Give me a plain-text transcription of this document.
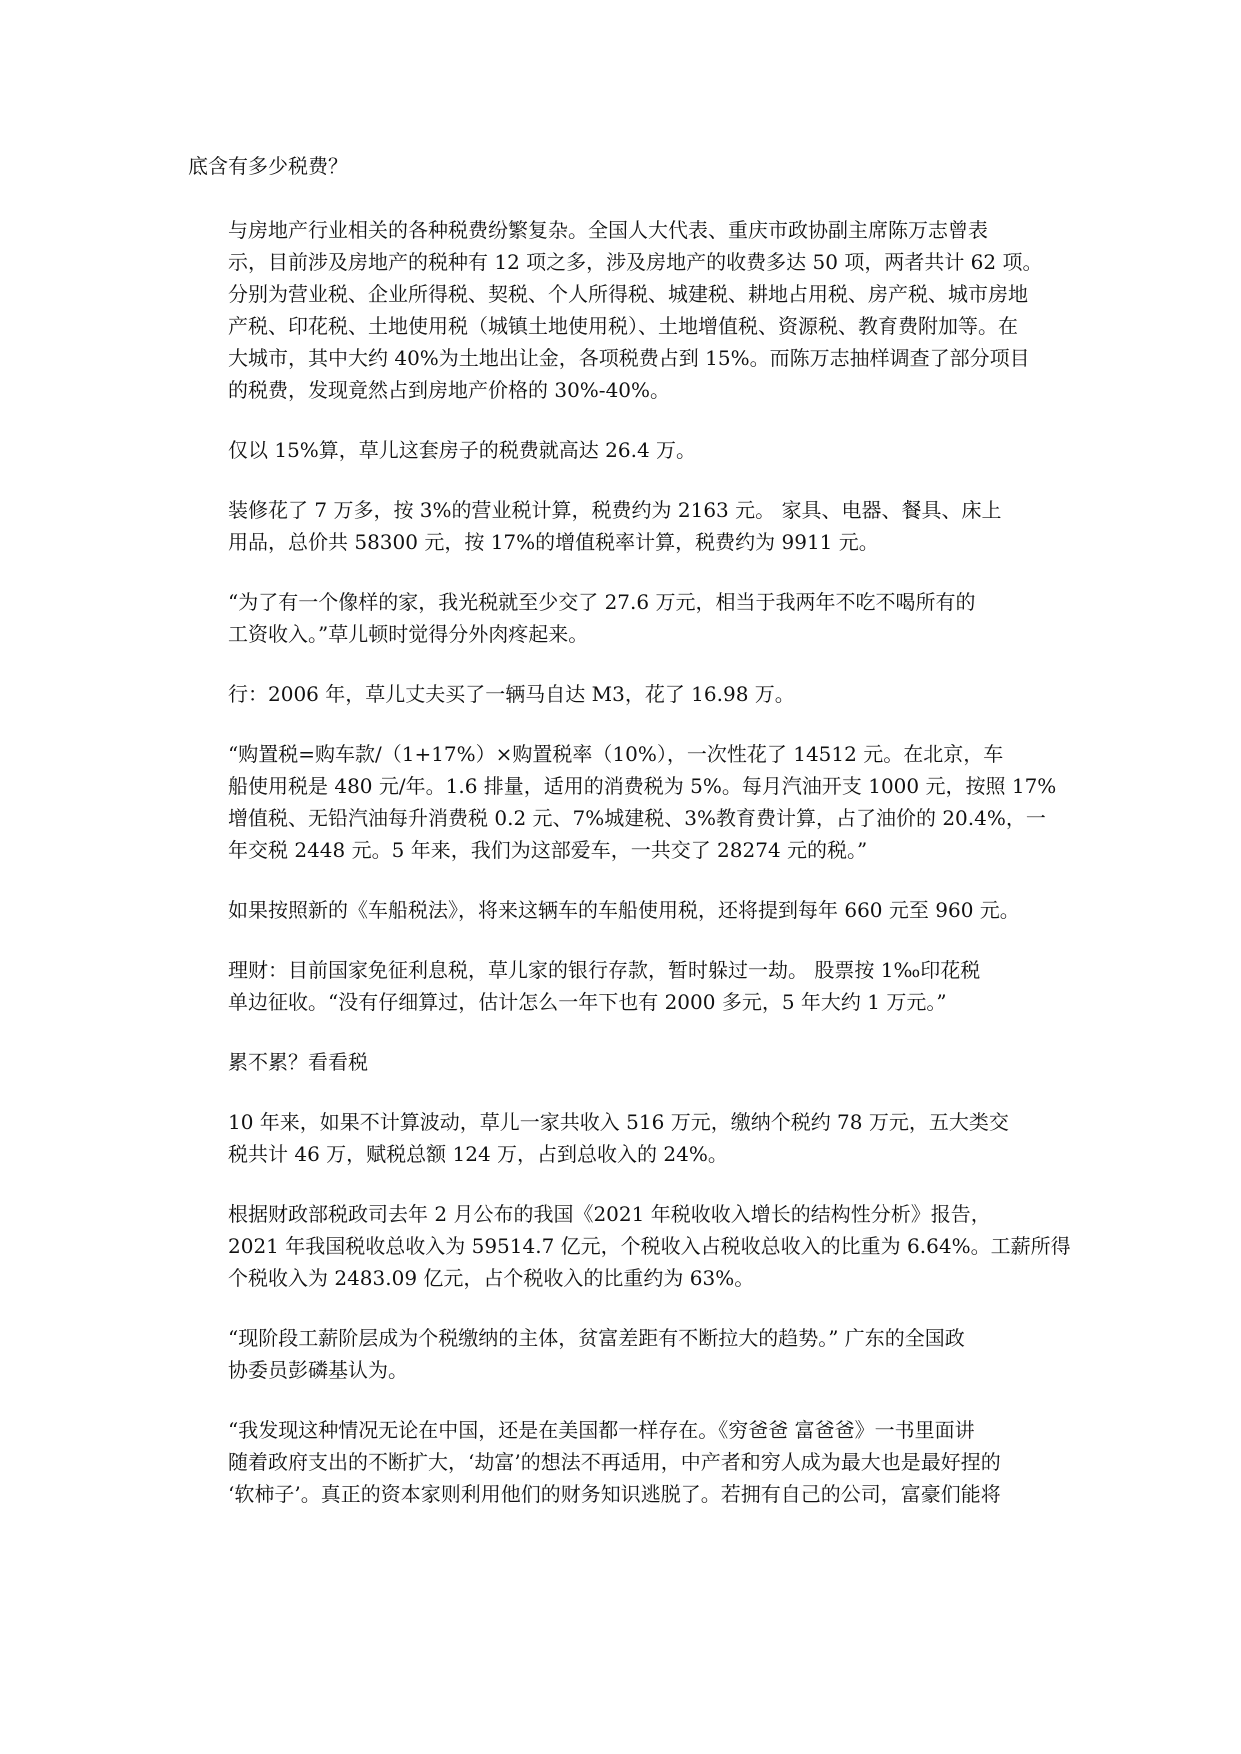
底含有多少税费？

与房地产行业相关的各种税费纷繁复杂。全国人大代表、重庆市政协副主席陈万志曾表
示，目前涉及房地产的税种有 12 项之多，涉及房地产的收费多达 50 项，两者共计 62 项。
分别为营业税、企业所得税、契税、个人所得税、城建税、耕地占用税、房产税、城市房地
产税、印花税、土地使用税（城镇土地使用税）、土地增值税、资源税、教育费附加等。在
大城市，其中大约 40%为土地出让金，各项税费占到 15%。而陈万志抽样调查了部分项目
的税费，发现竟然占到房地产价格的 30%-40%。

仅以 15%算，草儿这套房子的税费就高达 26.4 万。

装修花了 7 万多，按 3%的营业税计算，税费约为 2163 元。 家具、电器、餐具、床上
用品，总价共 58300 元，按 17%的增值税率计算，税费约为 9911 元。

“为了有一个像样的家，我光税就至少交了 27.6 万元，相当于我两年不吃不喝所有的
工资收入。”草儿顿时觉得分外肉疼起来。

行：2006 年，草儿丈夫买了一辆马自达 M3，花了 16.98 万。

“购置税=购车款/（1+17%）×购置税率（10%），一次性花了 14512 元。在北京，车
船使用税是 480 元/年。1.6 排量，适用的消费税为 5%。每月汽油开支 1000 元，按照 17%
增值税、无铅汽油每升消费税 0.2 元、7%城建税、3%教育费计算，占了油价的 20.4%，一
年交税 2448 元。5 年来，我们为这部爱车，一共交了 28274 元的税。”

如果按照新的《车船税法》，将来这辆车的车船使用税，还将提到每年 660 元至 960 元。

理财：目前国家免征利息税，草儿家的银行存款，暂时躲过一劫。 股票按 1‰印花税
单边征收。“没有仔细算过，估计怎么一年下也有 2000 多元，5 年大约 1 万元。”

累不累？看看税

10 年来，如果不计算波动，草儿一家共收入 516 万元，缴纳个税约 78 万元，五大类交
税共计 46 万，赋税总额 124 万，占到总收入的 24%。

根据财政部税政司去年 2 月公布的我国《2021 年税收收入增长的结构性分析》报告，
2021 年我国税收总收入为 59514.7 亿元，个税收入占税收总收入的比重为 6.64%。工薪所得
个税收入为 2483.09 亿元，占个税收入的比重约为 63%。

“现阶段工薪阶层成为个税缴纳的主体，贫富差距有不断拉大的趋势。” 广东的全国政
协委员彭磷基认为。

“我发现这种情况无论在中国，还是在美国都一样存在。《穷爸爸 富爸爸》一书里面讲
随着政府支出的不断扩大，‘劫富’的想法不再适用，中产者和穷人成为最大也是最好捏的
‘软柿子’。真正的资本家则利用他们的财务知识逃脱了。若拥有自己的公司，富豪们能将
